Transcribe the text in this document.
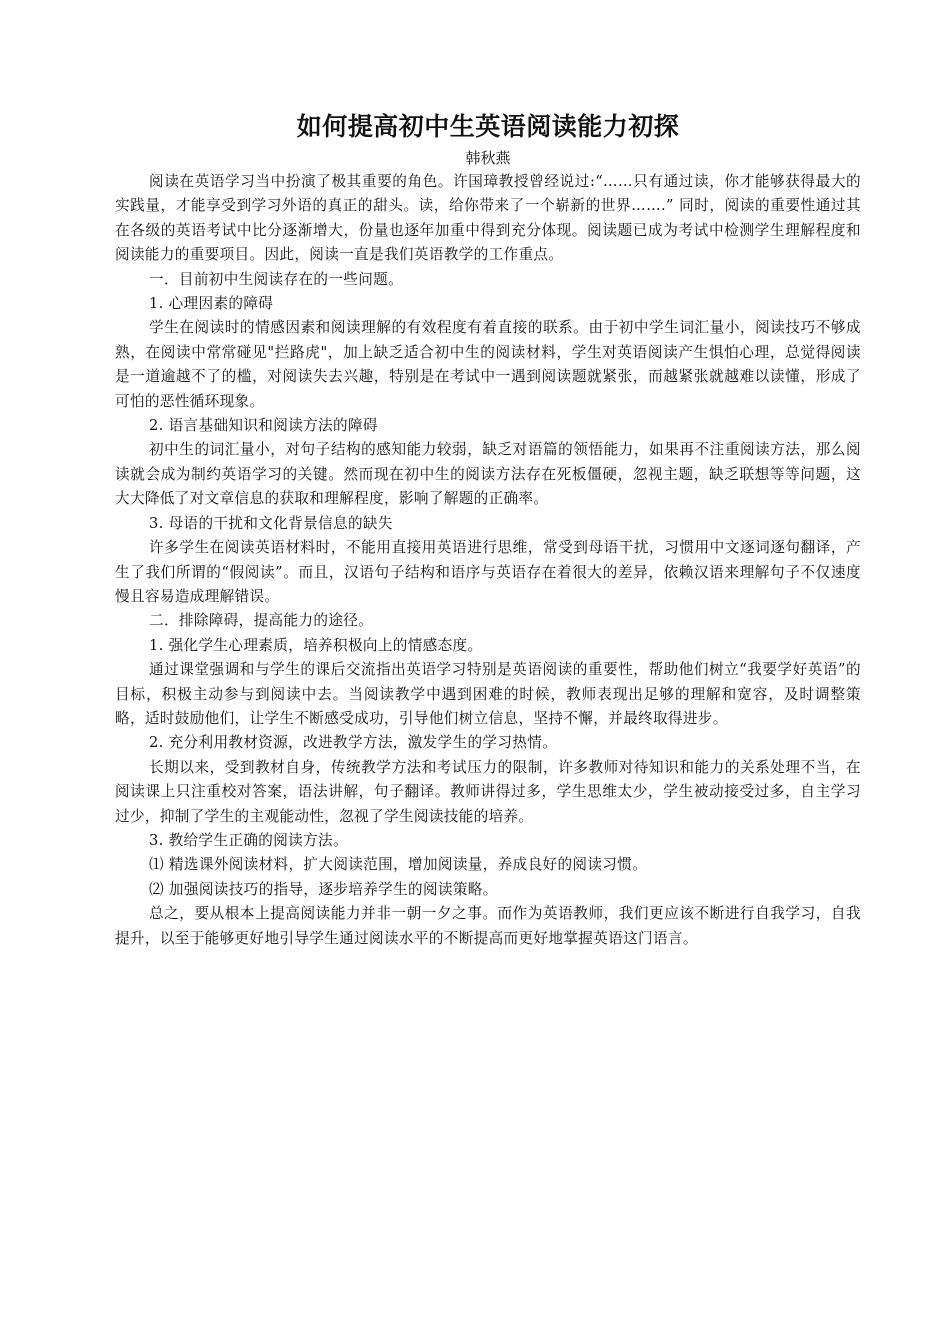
如何提高初中生英语阅读能力初探
韩秋燕

阅读在英语学习当中扮演了极其重要的角色。许国璋教授曾经说过:“……只有通过读，你才能够获得最大的实践量，才能享受到学习外语的真正的甜头。读，给你带来了一个崭新的世界…….” 同时，阅读的重要性通过其在各级的英语考试中比分逐渐增大，份量也逐年加重中得到充分体现。阅读题已成为考试中检测学生理解程度和阅读能力的重要项目。因此，阅读一直是我们英语教学的工作重点。

一．目前初中生阅读存在的一些问题。

1. 心理因素的障碍

学生在阅读时的情感因素和阅读理解的有效程度有着直接的联系。由于初中学生词汇量小，阅读技巧不够成熟，在阅读中常常碰见"拦路虎"，加上缺乏适合初中生的阅读材料，学生对英语阅读产生惧怕心理，总觉得阅读是一道逾越不了的槛，对阅读失去兴趣，特别是在考试中一遇到阅读题就紧张，而越紧张就越难以读懂，形成了可怕的恶性循环现象。

2. 语言基础知识和阅读方法的障碍

初中生的词汇量小，对句子结构的感知能力较弱，缺乏对语篇的领悟能力，如果再不注重阅读方法，那么阅读就会成为制约英语学习的关键。然而现在初中生的阅读方法存在死板僵硬，忽视主题，缺乏联想等等问题，这大大降低了对文章信息的获取和理解程度，影响了解题的正确率。

3. 母语的干扰和文化背景信息的缺失

许多学生在阅读英语材料时，不能用直接用英语进行思维，常受到母语干扰，习惯用中文逐词逐句翻译，产生了我们所谓的“假阅读”。而且，汉语句子结构和语序与英语存在着很大的差异，依赖汉语来理解句子不仅速度慢且容易造成理解错误。

二．排除障碍，提高能力的途径。

1. 强化学生心理素质，培养积极向上的情感态度。

通过课堂强调和与学生的课后交流指出英语学习特别是英语阅读的重要性，帮助他们树立“我要学好英语”的目标，积极主动参与到阅读中去。当阅读教学中遇到困难的时候，教师表现出足够的理解和宽容，及时调整策略，适时鼓励他们，让学生不断感受成功，引导他们树立信息，坚持不懈，并最终取得进步。

2. 充分利用教材资源，改进教学方法，激发学生的学习热情。

长期以来，受到教材自身，传统教学方法和考试压力的限制，许多教师对待知识和能力的关系处理不当，在阅读课上只注重校对答案，语法讲解，句子翻译。教师讲得过多，学生思维太少，学生被动接受过多，自主学习过少，抑制了学生的主观能动性，忽视了学生阅读技能的培养。

3. 教给学生正确的阅读方法。

⑴ 精选课外阅读材料，扩大阅读范围，增加阅读量，养成良好的阅读习惯。

⑵ 加强阅读技巧的指导，逐步培养学生的阅读策略。

总之，要从根本上提高阅读能力并非一朝一夕之事。而作为英语教师，我们更应该不断进行自我学习，自我提升，以至于能够更好地引导学生通过阅读水平的不断提高而更好地掌握英语这门语言。
